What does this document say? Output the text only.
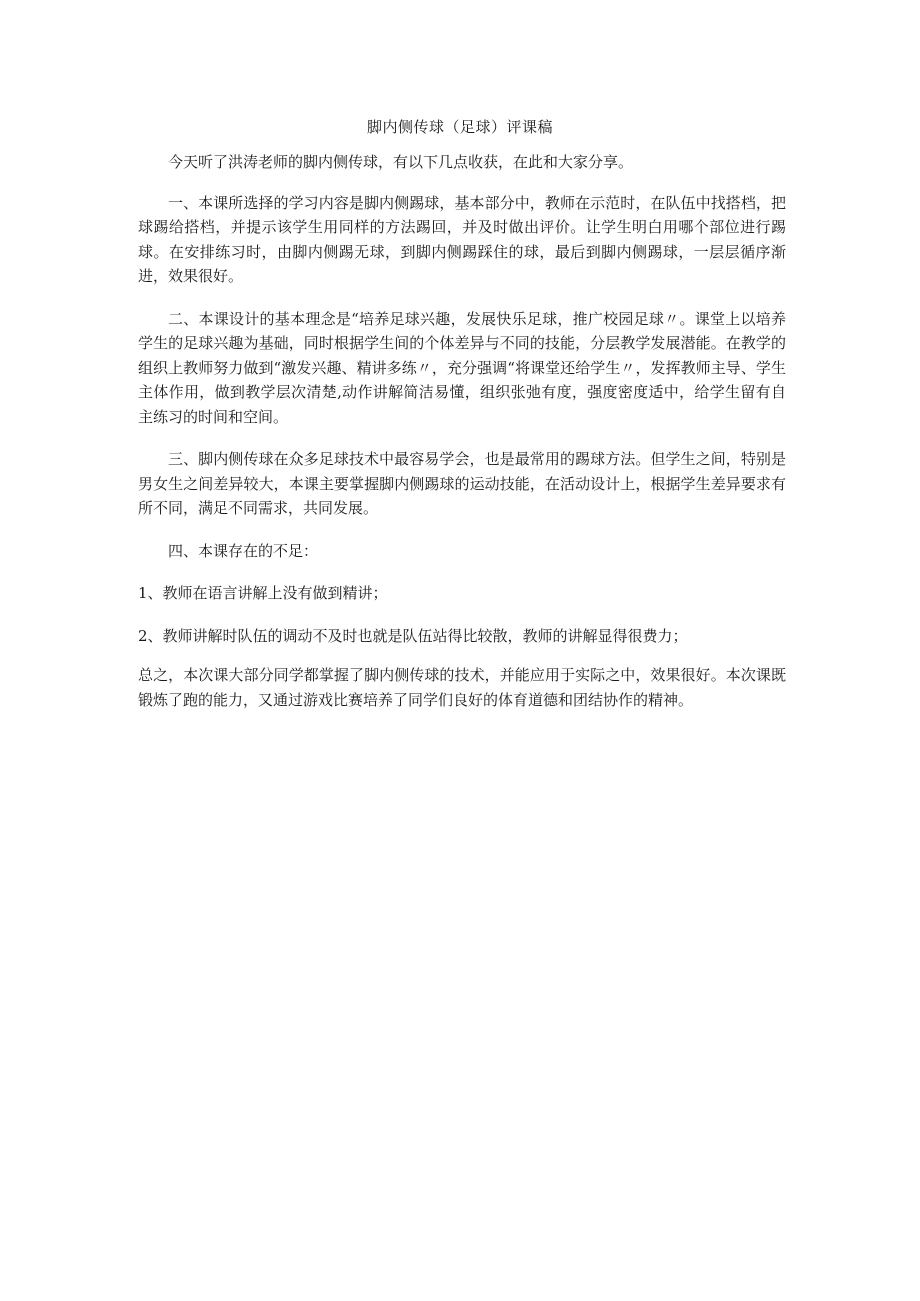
脚内侧传球（足球）评课稿

今天听了洪涛老师的脚内侧传球，有以下几点收获，在此和大家分享。

一、本课所选择的学习内容是脚内侧踢球，基本部分中，教师在示范时，在队伍中找搭档，把球踢给搭档，并提示该学生用同样的方法踢回，并及时做出评价。让学生明白用哪个部位进行踢球。在安排练习时，由脚内侧踢无球，到脚内侧踢踩住的球，最后到脚内侧踢球，一层层循序渐进，效果很好。

二、本课设计的基本理念是“培养足球兴趣，发展快乐足球，推广校园足球〃。课堂上以培养学生的足球兴趣为基础，同时根据学生间的个体差异与不同的技能，分层教学发展潜能。在教学的组织上教师努力做到“激发兴趣、精讲多练〃，充分强调“将课堂还给学生〃，发挥教师主导、学生主体作用，做到教学层次清楚,动作讲解简洁易懂，组织张弛有度，强度密度适中，给学生留有自主练习的时间和空间。

三、脚内侧传球在众多足球技术中最容易学会，也是最常用的踢球方法。但学生之间，特别是男女生之间差异较大，本课主要掌握脚内侧踢球的运动技能，在活动设计上，根据学生差异要求有所不同，满足不同需求，共同发展。

四、本课存在的不足：

1、教师在语言讲解上没有做到精讲；

2、教师讲解时队伍的调动不及时也就是队伍站得比较散，教师的讲解显得很费力；

总之，本次课大部分同学都掌握了脚内侧传球的技术，并能应用于实际之中，效果很好。本次课既锻炼了跑的能力，又通过游戏比赛培养了同学们良好的体育道德和团结协作的精神。
